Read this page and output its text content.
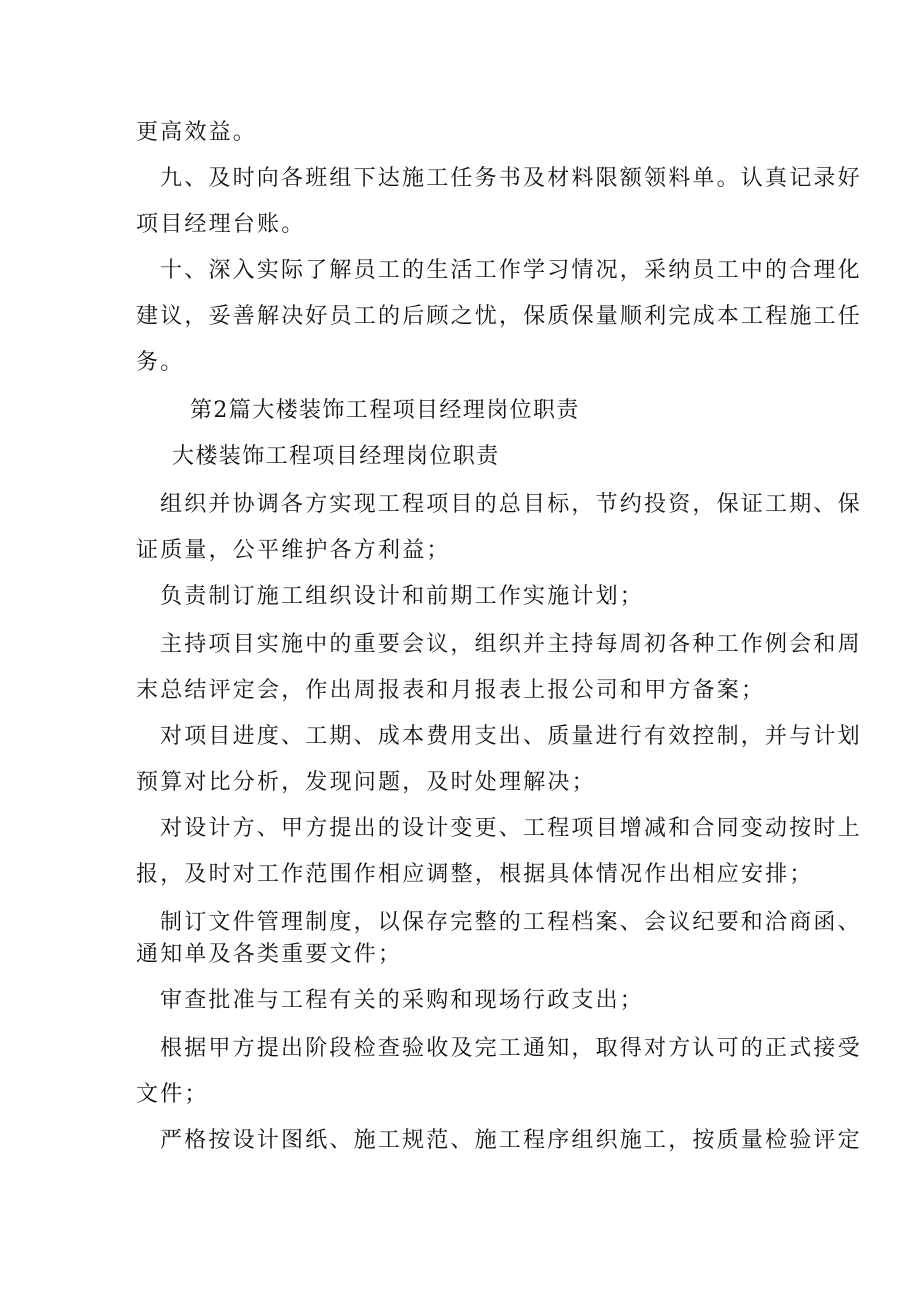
更高效益。
九、及时向各班组下达施工任务书及材料限额领料单。认真记录好
项目经理台账。
十、深入实际了解员工的生活工作学习情况，采纳员工中的合理化
建议，妥善解决好员工的后顾之忧，保质保量顺利完成本工程施工任
务。
第2篇大楼装饰工程项目经理岗位职责
大楼装饰工程项目经理岗位职责
组织并协调各方实现工程项目的总目标，节约投资，保证工期、保
证质量，公平维护各方利益；
负责制订施工组织设计和前期工作实施计划；
主持项目实施中的重要会议，组织并主持每周初各种工作例会和周
末总结评定会，作出周报表和月报表上报公司和甲方备案；
对项目进度、工期、成本费用支出、质量进行有效控制，并与计划
预算对比分析，发现问题，及时处理解决；
对设计方、甲方提出的设计变更、工程项目增减和合同变动按时上
报，及时对工作范围作相应调整，根据具体情况作出相应安排；
制订文件管理制度，以保存完整的工程档案、会议纪要和洽商函、
通知单及各类重要文件；
审查批准与工程有关的采购和现场行政支出；
根据甲方提出阶段检查验收及完工通知，取得对方认可的正式接受
文件；
严格按设计图纸、施工规范、施工程序组织施工，按质量检验评定
